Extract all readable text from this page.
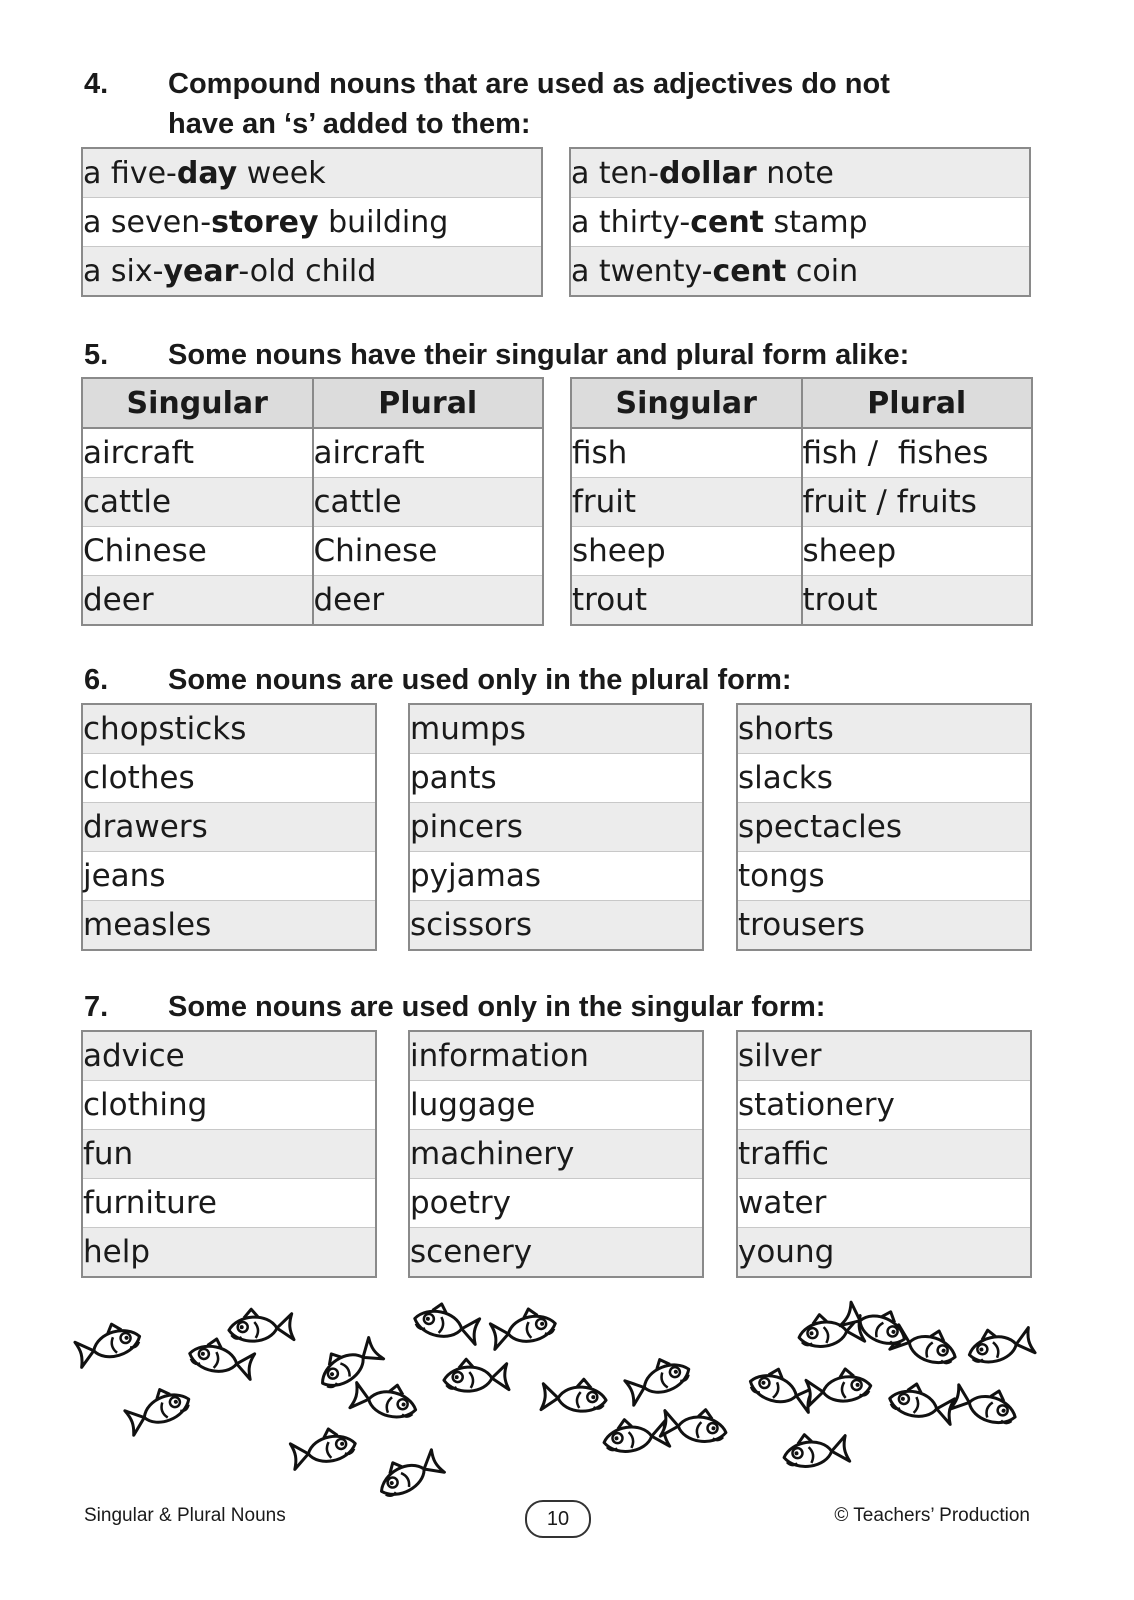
4. Compound nouns that are used as adjectives do not
have an ‘s’ added to them:
a five-day week
a seven-storey building
a six-year-old child
a ten-dollar note
a thirty-cent stamp
a twenty-cent coin
5. Some nouns have their singular and plural form alike:
Singular	Plural
aircraft	aircraft
cattle	cattle
Chinese	Chinese
deer	deer
Singular	Plural
fish	fish /  fishes
fruit	fruit / fruits
sheep	sheep
trout	trout
6. Some nouns are used only in the plural form:
chopsticks
clothes
drawers
jeans
measles
mumps
pants
pincers
pyjamas
scissors
shorts
slacks
spectacles
tongs
trousers
7. Some nouns are used only in the singular form:
advice
clothing
fun
furniture
help
information
luggage
machinery
poetry
scenery
silver
stationery
traffic
water
young
Singular & Plural Nouns	10	© Teachers’ Production
